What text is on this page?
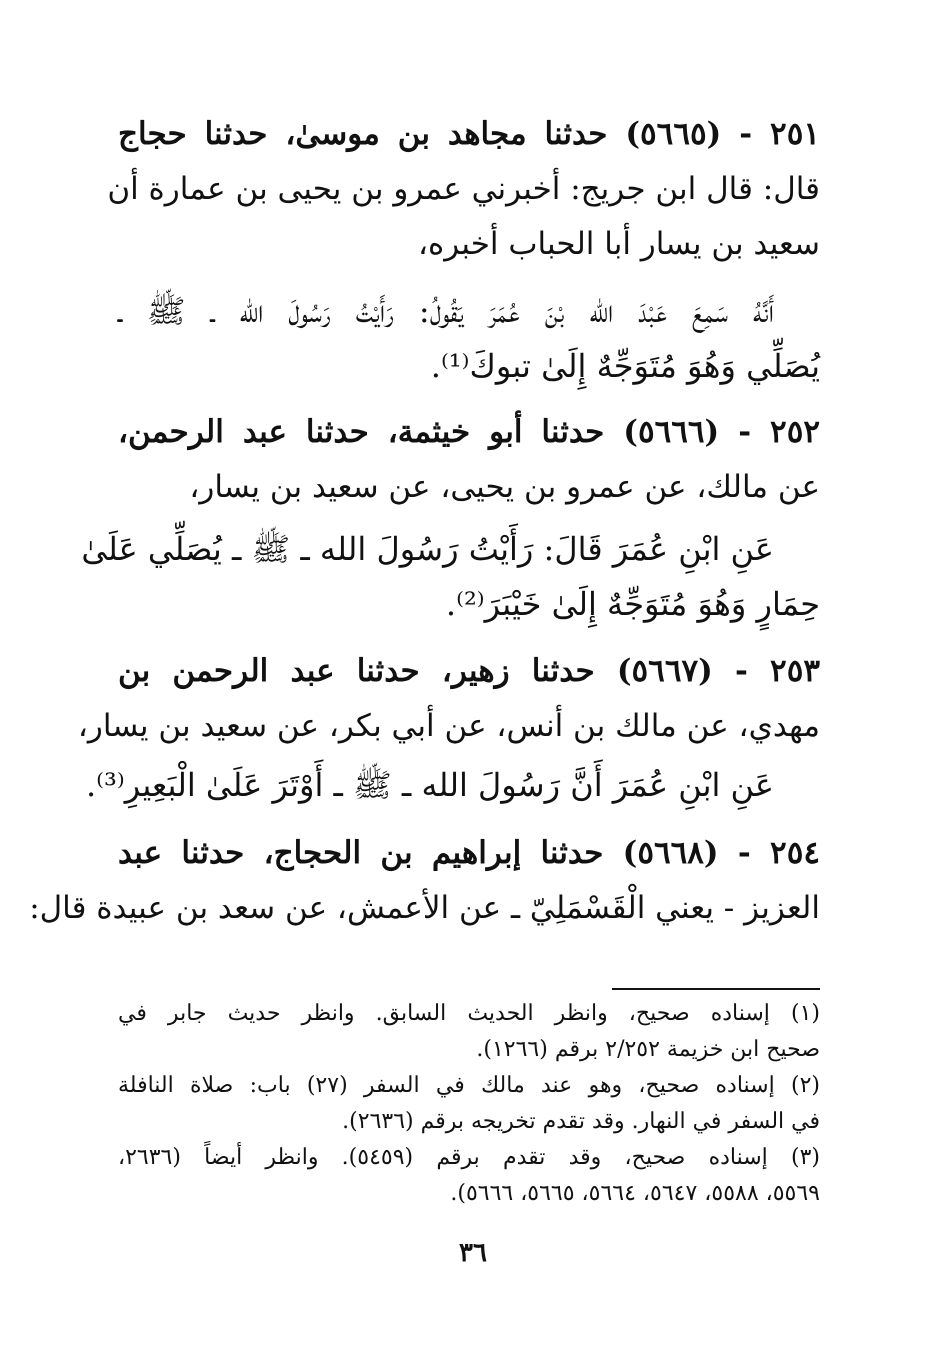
٢٥١ - (٥٦٦٥) حدثنا مجاهد بن موسىٰ، حدثنا حجاج
قال: قال ابن جريج: أخبرني عمرو بن يحيى بن عمارة أن
سعيد بن يسار أبا الحباب أخبره،
أَنَّهُ سَمِعَ عَبْدَ الله بْنَ عُمَرَ يَقُولُ: رَأَيْتُ رَسُولَ الله ـ ﷺ ـ
يُصَلِّي وَهُوَ مُتَوَجِّهٌ إِلَىٰ تبوكَ⁽¹⁾.
٢٥٢ - (٥٦٦٦) حدثنا أبو خيثمة، حدثنا عبد الرحمن،
عن مالك، عن عمرو بن يحيى، عن سعيد بن يسار،
عَنِ ابْنِ عُمَرَ قَالَ: رَأَيْتُ رَسُولَ الله ـ ﷺ ـ يُصَلِّي عَلَىٰ
حِمَارٍ وَهُوَ مُتَوَجِّهٌ إِلَىٰ خَيْبَرَ⁽²⁾.
٢٥٣ - (٥٦٦٧) حدثنا زهير، حدثنا عبد الرحمن بن
مهدي، عن مالك بن أنس، عن أبي بكر، عن سعيد بن يسار،
عَنِ ابْنِ عُمَرَ أَنَّ رَسُولَ الله ـ ﷺ ـ أَوْتَرَ عَلَىٰ الْبَعِيرِ⁽³⁾.
٢٥٤ - (٥٦٦٨) حدثنا إبراهيم بن الحجاج، حدثنا عبد
العزيز - يعني الْقَسْمَلِيّ ـ عن الأعمش، عن سعد بن عبيدة قال:
(١) إسناده صحيح، وانظر الحديث السابق. وانظر حديث جابر في
صحيح ابن خزيمة ٢/٢٥٢ برقم (١٢٦٦).
(٢) إسناده صحيح، وهو عند مالك في السفر (٢٧) باب: صلاة النافلة
في السفر في النهار. وقد تقدم تخريجه برقم (٢٦٣٦).
(٣) إسناده صحيح، وقد تقدم برقم (٥٤٥٩). وانظر أيضاً (٢٦٣٦،
٥٥٦٩، ٥٥٨٨، ٥٦٤٧، ٥٦٦٤، ٥٦٦٥، ٥٦٦٦).
٣٦
